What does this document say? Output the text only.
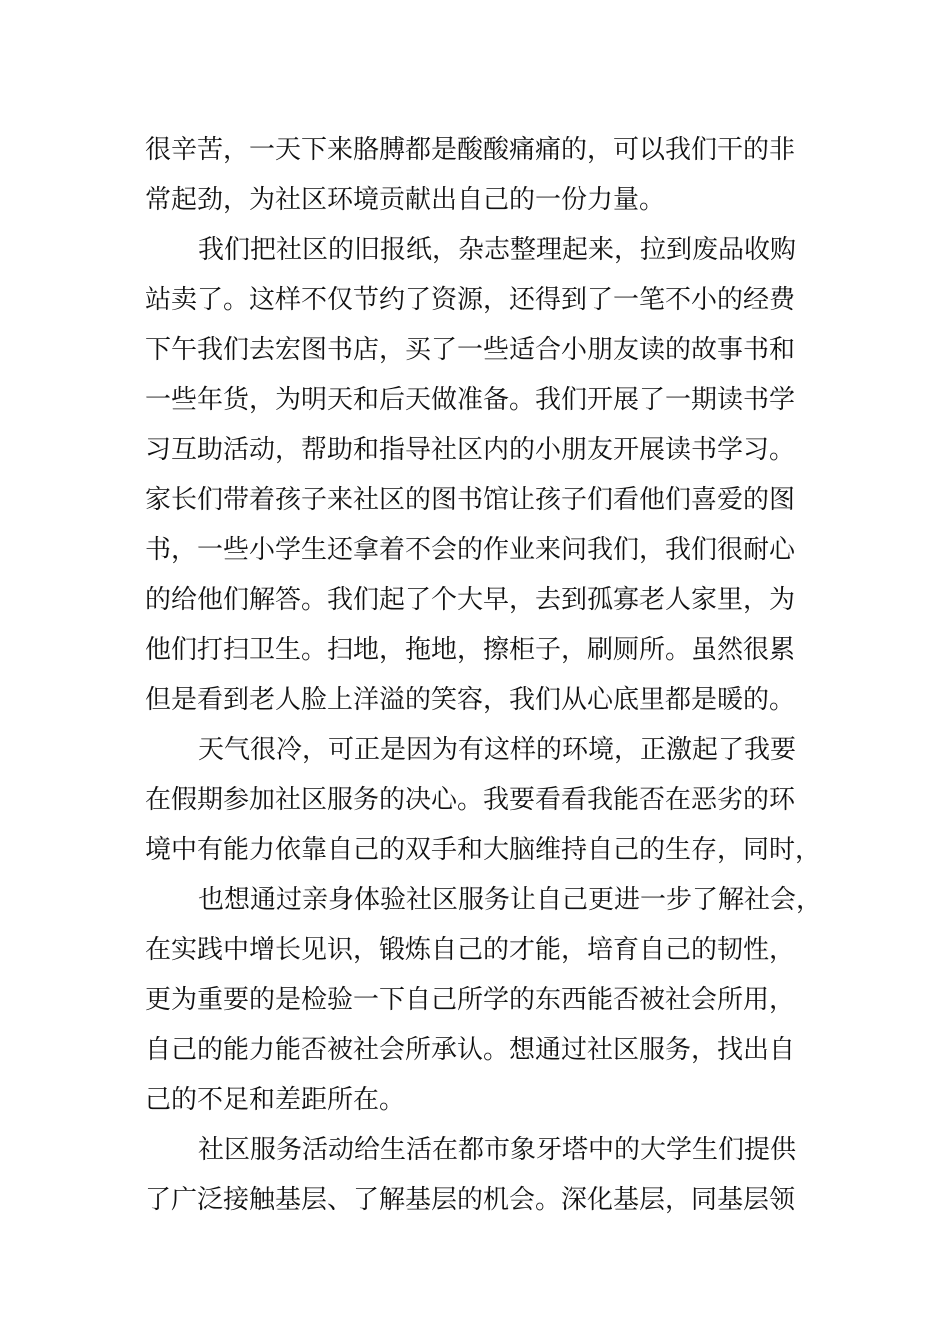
很辛苦，一天下来胳膊都是酸酸痛痛的，可以我们干的非
常起劲，为社区环境贡献出自己的一份力量。
我们把社区的旧报纸，杂志整理起来，拉到废品收购
站卖了。这样不仅节约了资源，还得到了一笔不小的经费
下午我们去宏图书店，买了一些适合小朋友读的故事书和
一些年货，为明天和后天做准备。我们开展了一期读书学
习互助活动，帮助和指导社区内的小朋友开展读书学习。
家长们带着孩子来社区的图书馆让孩子们看他们喜爱的图
书，一些小学生还拿着不会的作业来问我们，我们很耐心
的给他们解答。我们起了个大早，去到孤寡老人家里，为
他们打扫卫生。扫地，拖地，擦柜子，刷厕所。虽然很累
但是看到老人脸上洋溢的笑容，我们从心底里都是暖的。
天气很冷，可正是因为有这样的环境，正激起了我要
在假期参加社区服务的决心。我要看看我能否在恶劣的环
境中有能力依靠自己的双手和大脑维持自己的生存，同时，
也想通过亲身体验社区服务让自己更进一步了解社会，
在实践中增长见识，锻炼自己的才能，培育自己的韧性，
更为重要的是检验一下自己所学的东西能否被社会所用，
自己的能力能否被社会所承认。想通过社区服务，找出自
己的不足和差距所在。
社区服务活动给生活在都市象牙塔中的大学生们提供
了广泛接触基层、了解基层的机会。深化基层，同基层领
